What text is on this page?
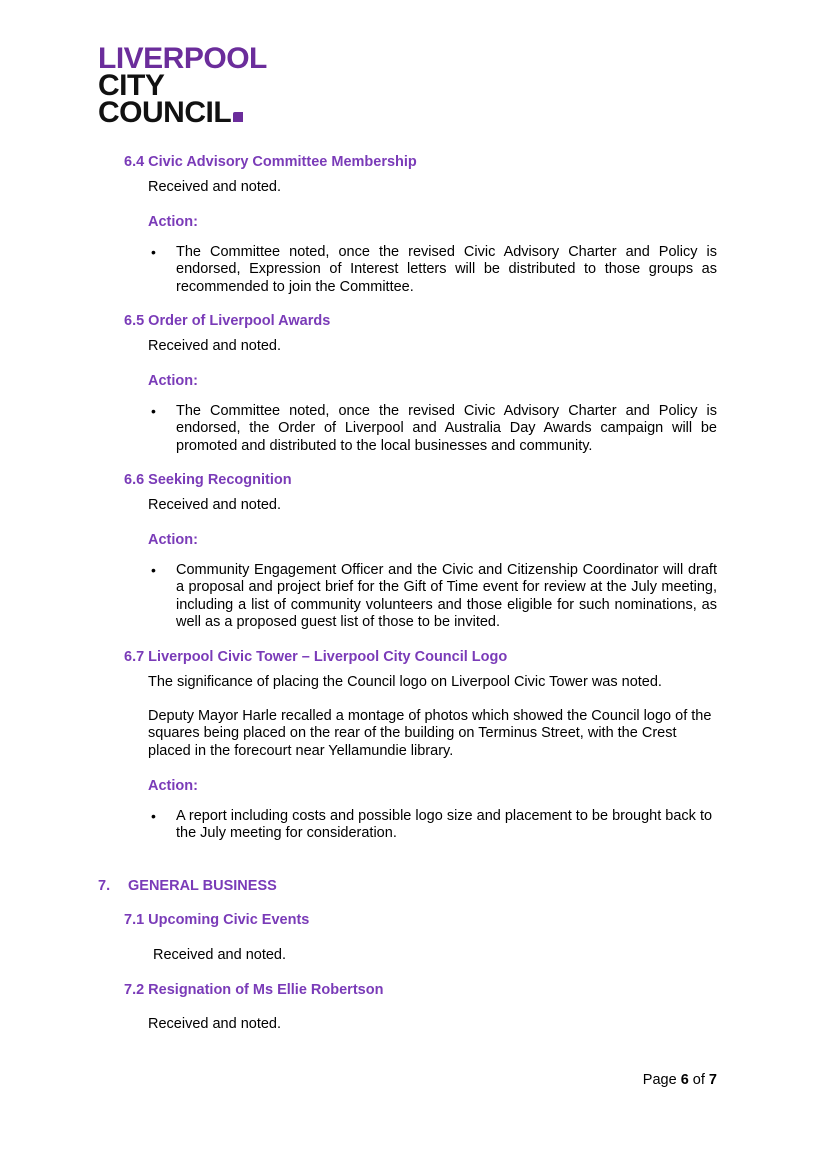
LIVERPOOL
CITY
COUNCIL
6.4 Civic Advisory Committee Membership
Received and noted.
Action:
• The Committee noted, once the revised Civic Advisory Charter and Policy is endorsed, Expression of Interest letters will be distributed to those groups as recommended to join the Committee.
6.5 Order of Liverpool Awards
Received and noted.
Action:
• The Committee noted, once the revised Civic Advisory Charter and Policy is endorsed, the Order of Liverpool and Australia Day Awards campaign will be promoted and distributed to the local businesses and community.
6.6 Seeking Recognition
Received and noted.
Action:
• Community Engagement Officer and the Civic and Citizenship Coordinator will draft a proposal and project brief for the Gift of Time event for review at the July meeting, including a list of community volunteers and those eligible for such nominations, as well as a proposed guest list of those to be invited.
6.7 Liverpool Civic Tower – Liverpool City Council Logo
The significance of placing the Council logo on Liverpool Civic Tower was noted.
Deputy Mayor Harle recalled a montage of photos which showed the Council logo of the squares being placed on the rear of the building on Terminus Street, with the Crest placed in the forecourt near Yellamundie library.
Action:
• A report including costs and possible logo size and placement to be brought back to the July meeting for consideration.
7. GENERAL BUSINESS
7.1 Upcoming Civic Events
Received and noted.
7.2 Resignation of Ms Ellie Robertson
Received and noted.
Page 6 of 7
